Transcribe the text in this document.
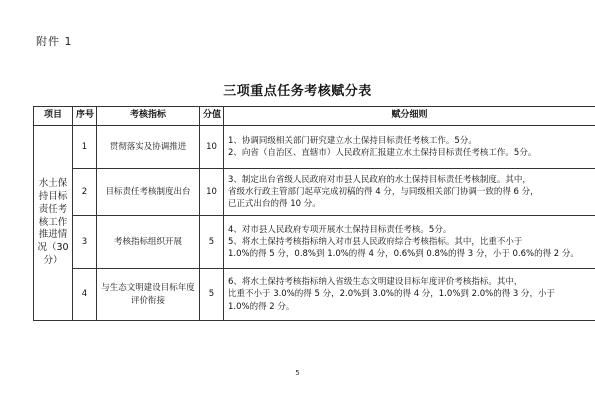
附件 1
三项重点任务考核赋分表
项目	序号	考核指标	分值	赋分细则
水土保持目标责任考核工作推进情况（30分）	1	贯彻落实及协调推进	10	1、协调同级相关部门研究建立水土保持目标责任考核工作。5分。
2、向省（自治区、直辖市）人民政府汇报建立水土保持目标责任考核工作。5分。

	2	目标责任考核制度出台	10	3、制定出台省级人民政府对市县人民政府的水土保持目标责任考核制度。其中，
省级水行政主管部门起草完成初稿的得 4 分，与同级相关部门协调一致的得 6 分，
已正式出台的得 10 分。

	3	考核指标组织开展	5	4、对市县人民政府专项开展水土保持目标责任考核。5分。
5、将水土保持考核指标纳入对市县人民政府综合考核指标。其中，比重不小于
1.0%的得 5 分，0.8%到 1.0%的得 4 分，0.6%到 0.8%的得 3 分，小于 0.6%的得 2 分。

	4	与生态文明建设目标年度评价衔接	5	6、将水土保持考核指标纳入省级生态文明建设目标年度评价考核指标。其中，
比重不小于 3.0%的得 5 分，2.0%到 3.0%的得 4 分，1.0%到 2.0%的得 3 分，小于
1.0%的得 2 分。
5
